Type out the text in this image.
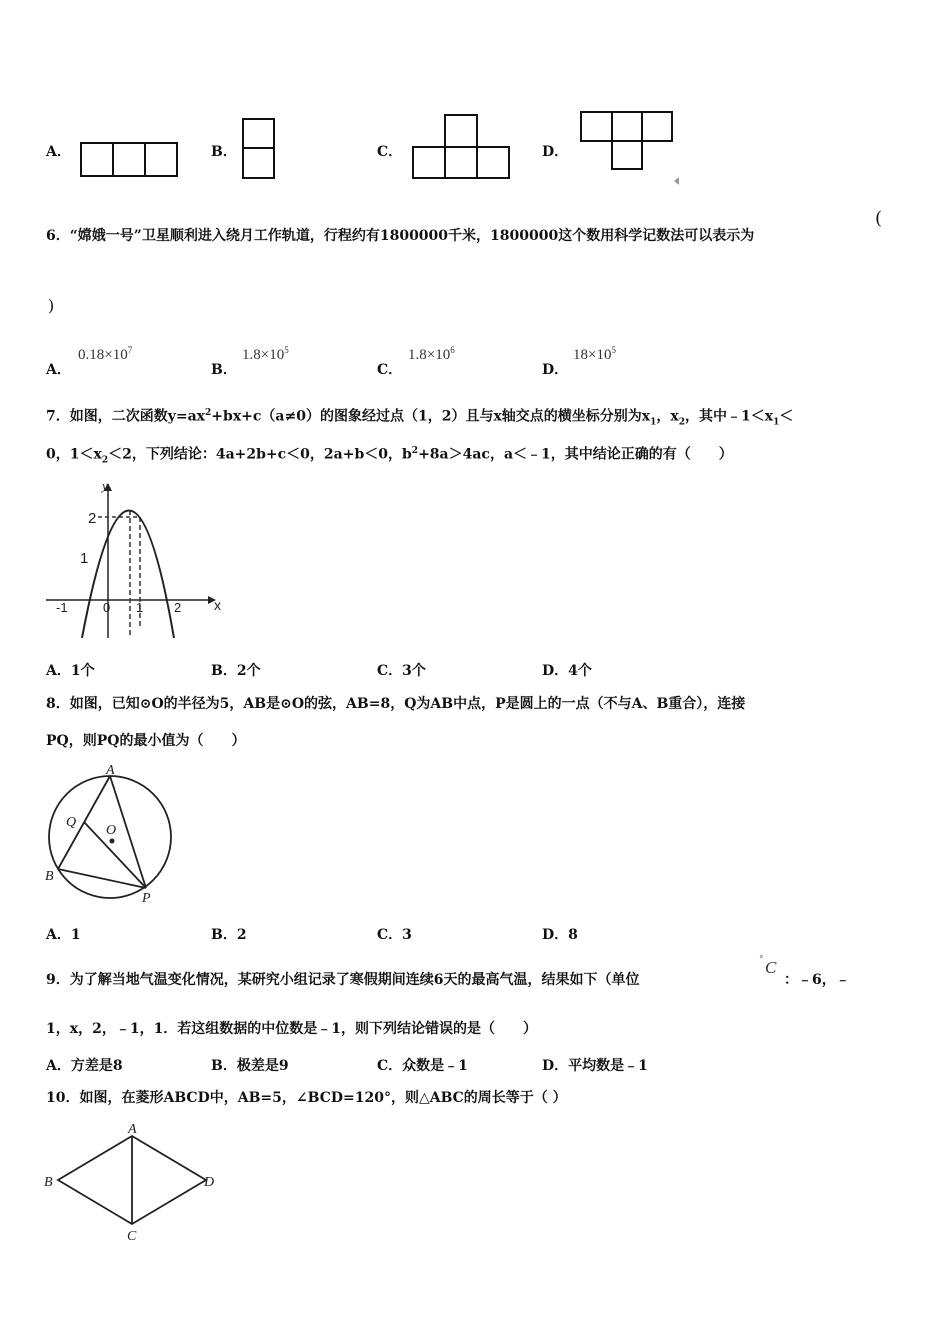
A．	B．	C．	D．
6．“嫦娥一号”卫星顺利进入绕月工作轨道，行程约有1800000千米，1800000这个数用科学记数法可以表示为
(
)
A．
$0.18\times 10^7$
B．
$1.8\times 10^5$
C．
$1.8\times 10^6$
D．
$18\times 10^5$
7．如图，二次函数$y=ax^2+bx+c(a\ne 0)$的图象经过点（1，2）且与x轴交点的横坐标分别为$x_1$，$x_2$，其中$﹣1<x_1<$
0，$1<x_2<2$，下列结论：4a+2b+c＜0，2a+b＜0，$b^2+8a>4ac$，a＜﹣1，其中结论正确的有（　　）
y
x
2
1
-1	0 1 2
A．1个	B．2个	C．3个	D．4个
8．如图，已知⊙O的半径为5，AB是⊙O的弦，AB=8，Q为AB中点，P是圆上的一点（不与A、B重合），连接
PQ，则PQ的最小值为（　　）
A
B
Q
O
P
A．1	B．2	C．3	D．8
9．为了解当地气温变化情况，某研究小组记录了寒假期间连续6天的最高气温，结果如下（单位
° C
：﹣6，﹣
1，x，2，﹣1，1．若这组数据的中位数是﹣1，则下列结论错误的是（　　）
A．方差是8	B．极差是9	C．众数是﹣1	D．平均数是﹣1
10．如图，在菱形ABCD中，AB=5，∠BCD=120°，则△ABC的周长等于（ ）
A
B
C
D
